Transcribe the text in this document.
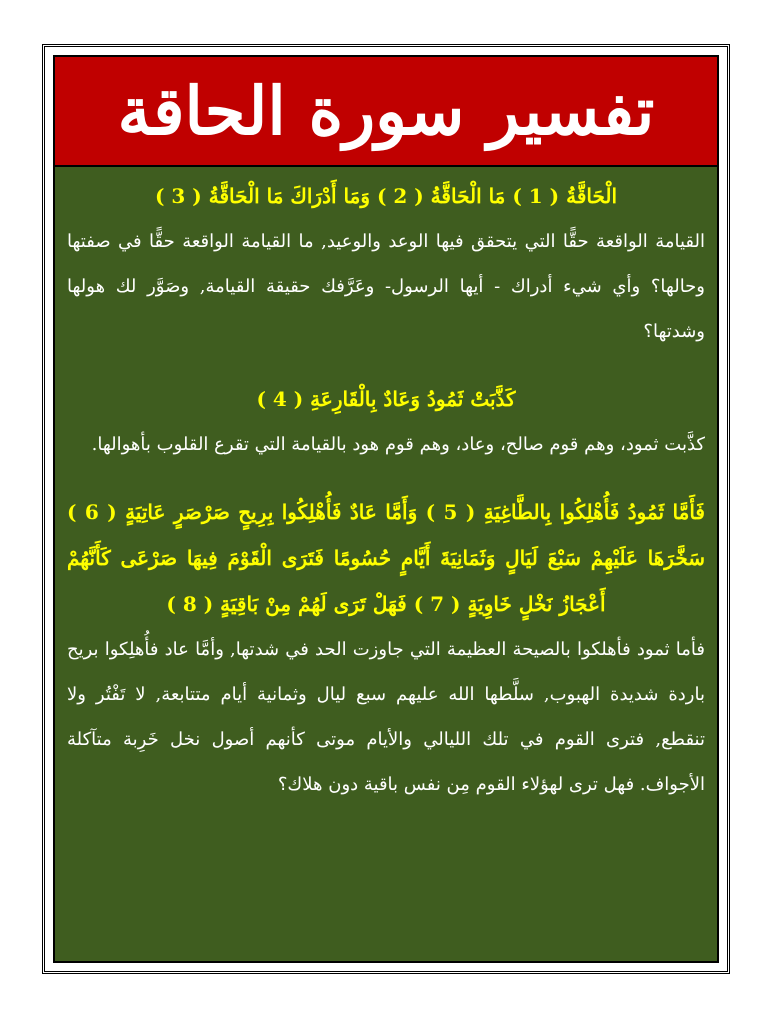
تفسير سورة الحاقة

الْحَاقَّةُ ( 1 ) مَا الْحَاقَّةُ ( 2 ) وَمَا أَدْرَاكَ مَا الْحَاقَّةُ ( 3 )

القيامة الواقعة حقًّا التي يتحقق فيها الوعد والوعيد, ما القيامة الواقعة حقًّا في صفتها وحالها؟ وأي شيء أدراك - أيها الرسول- وعَرَّفك حقيقة القيامة, وصَوَّر لك هولها وشدتها؟

كَذَّبَتْ ثَمُودُ وَعَادٌ بِالْقَارِعَةِ ( 4 )

كذَّبت ثمود، وهم قوم صالح، وعاد، وهم قوم هود بالقيامة التي تقرع القلوب بأهوالها.

فَأَمَّا ثَمُودُ فَأُهْلِكُوا بِالطَّاغِيَةِ ( 5 ) وَأَمَّا عَادٌ فَأُهْلِكُوا بِرِيحٍ صَرْصَرٍ عَاتِيَةٍ ( 6 ) سَخَّرَهَا عَلَيْهِمْ سَبْعَ لَيَالٍ وَثَمَانِيَةَ أَيَّامٍ حُسُومًا فَتَرَى الْقَوْمَ فِيهَا صَرْعَى كَأَنَّهُمْ أَعْجَازُ نَخْلٍ خَاوِيَةٍ ( 7 ) فَهَلْ تَرَى لَهُمْ مِنْ بَاقِيَةٍ ( 8 )

فأما ثمود فأهلكوا بالصيحة العظيمة التي جاوزت الحد في شدتها, وأمَّا عاد فأُهلِكوا بريح باردة شديدة الهبوب, سلَّطها الله عليهم سبع ليال وثمانية أيام متتابعة, لا تَفْتُر ولا تنقطع, فترى القوم في تلك الليالي والأيام موتى كأنهم أصول نخل خَرِبة متآكلة الأجواف. فهل ترى لهؤلاء القوم مِن نفس باقية دون هلاك؟
